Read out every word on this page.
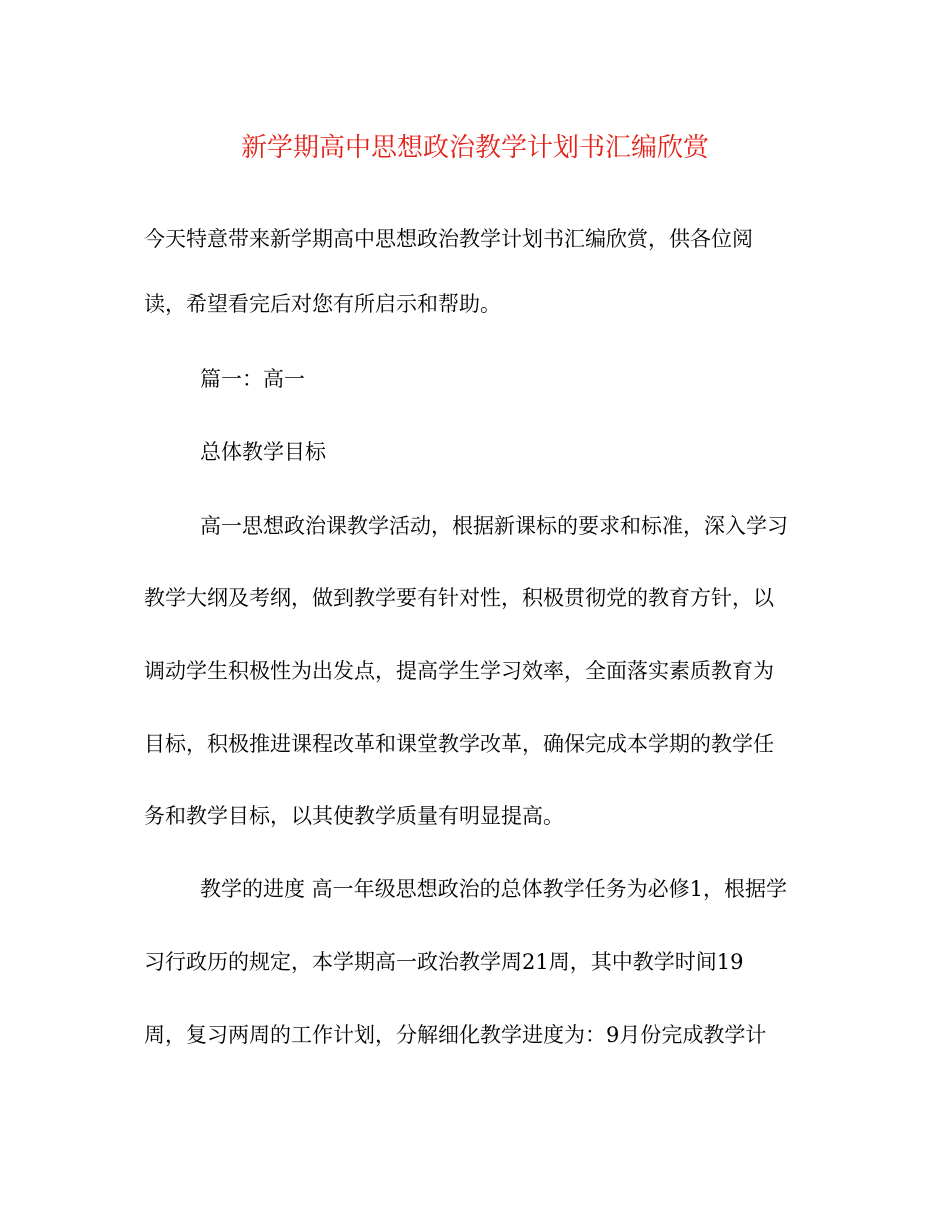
新学期高中思想政治教学计划书汇编欣赏
今天特意带来新学期高中思想政治教学计划书汇编欣赏，供各位阅
读，希望看完后对您有所启示和帮助。
篇一：高一
总体教学目标
高一思想政治课教学活动，根据新课标的要求和标准，深入学习
教学大纲及考纲，做到教学要有针对性，积极贯彻党的教育方针，以
调动学生积极性为出发点，提高学生学习效率，全面落实素质教育为
目标，积极推进课程改革和课堂教学改革，确保完成本学期的教学任
务和教学目标，以其使教学质量有明显提高。
教学的进度 高一年级思想政治的总体教学任务为必修1，根据学
习行政历的规定，本学期高一政治教学周21周，其中教学时间19
周，复习两周的工作计划，分解细化教学进度为：9月份完成教学计
